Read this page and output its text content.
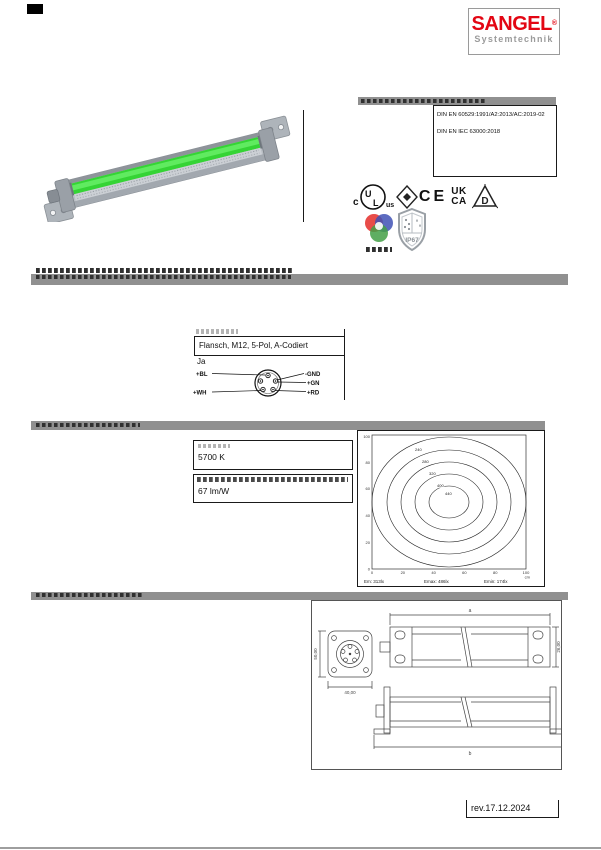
SANGEL®
Systemtechnik
DIN EN 60529:1991/A2:2013/AC:2019-02
DIN EN IEC 63000:2018
c
U
L us
CE UK
CA D
IP67
Flansch, M12, 5-Pol, A-Codiert
Ja
+BL
+WH
-GND
+GN
+RD
5700 K
67 lm/W
240
280
320
400
440
0	20	40	60	80	100
cm
0
20
40
60
80
100
Em: 313lx	Emax: 486lx	Emin: 174lx
40,00
50,00
a
26,00
b
rev.17.12.2024
